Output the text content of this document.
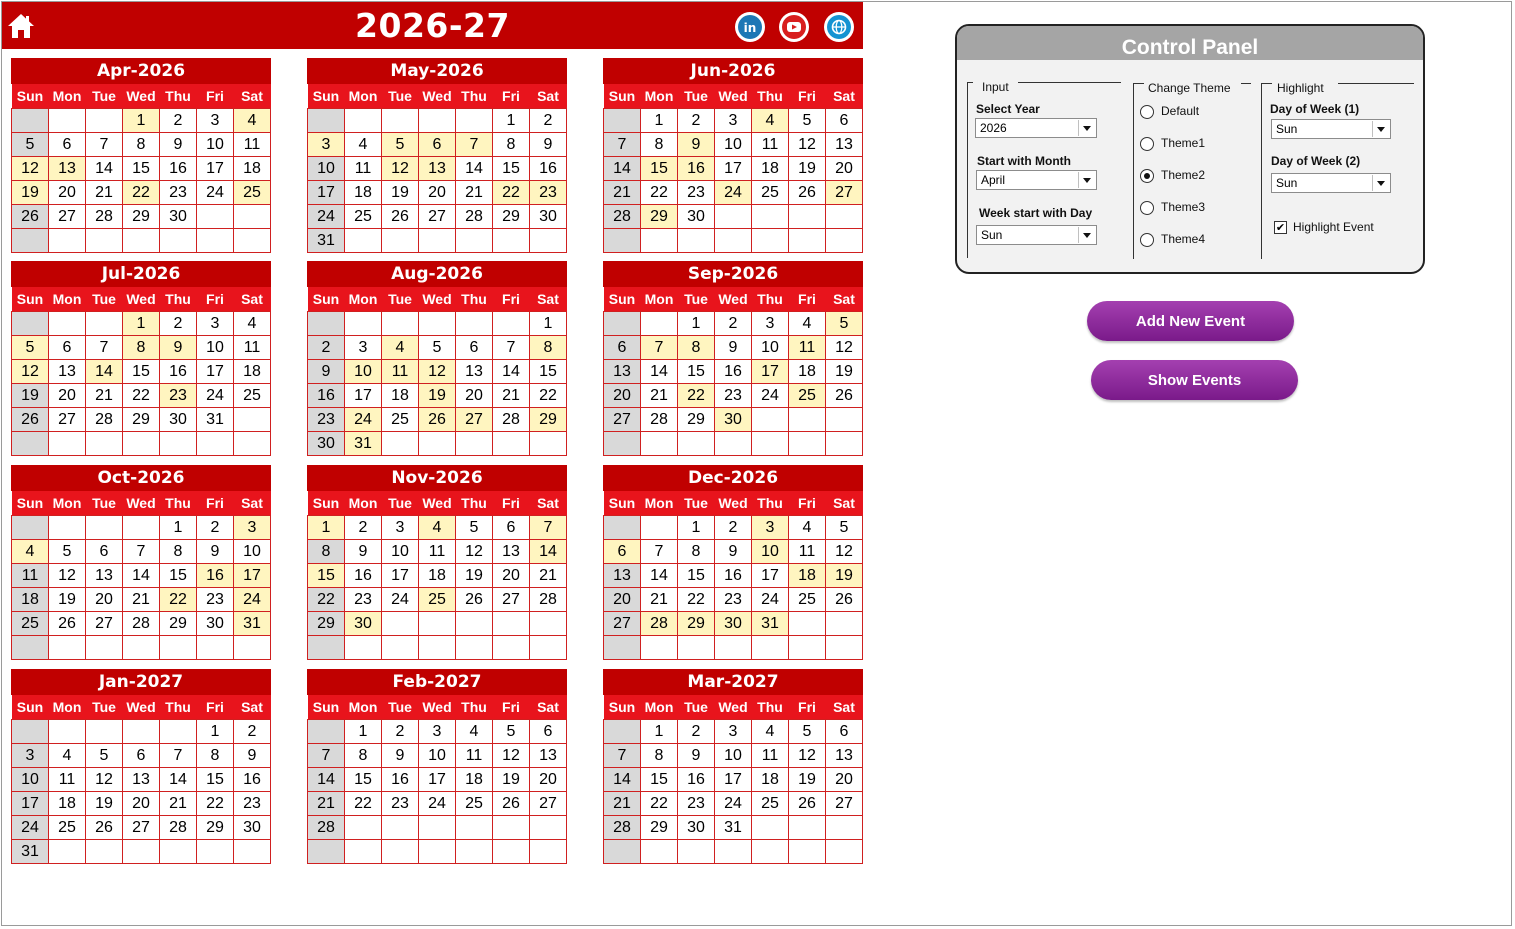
2026-27	in
Apr-2026
Sun	Mon	Tue	Wed	Thu	Fri	Sat
			1	2	3	4
5	6	7	8	9	10	11
12	13	14	15	16	17	18
19	20	21	22	23	24	25
26	27	28	29	30		

May-2026
Sun	Mon	Tue	Wed	Thu	Fri	Sat
					1	2
3	4	5	6	7	8	9
10	11	12	13	14	15	16
17	18	19	20	21	22	23
24	25	26	27	28	29	30
31						
Jun-2026
Sun	Mon	Tue	Wed	Thu	Fri	Sat
	1	2	3	4	5	6
7	8	9	10	11	12	13
14	15	16	17	18	19	20
21	22	23	24	25	26	27
28	29	30				

Jul-2026
Sun	Mon	Tue	Wed	Thu	Fri	Sat
			1	2	3	4
5	6	7	8	9	10	11
12	13	14	15	16	17	18
19	20	21	22	23	24	25
26	27	28	29	30	31	

Aug-2026
Sun	Mon	Tue	Wed	Thu	Fri	Sat
						1
2	3	4	5	6	7	8
9	10	11	12	13	14	15
16	17	18	19	20	21	22
23	24	25	26	27	28	29
30	31					
Sep-2026
Sun	Mon	Tue	Wed	Thu	Fri	Sat
		1	2	3	4	5
6	7	8	9	10	11	12
13	14	15	16	17	18	19
20	21	22	23	24	25	26
27	28	29	30			

Oct-2026
Sun	Mon	Tue	Wed	Thu	Fri	Sat
				1	2	3
4	5	6	7	8	9	10
11	12	13	14	15	16	17
18	19	20	21	22	23	24
25	26	27	28	29	30	31

Nov-2026
Sun	Mon	Tue	Wed	Thu	Fri	Sat
1	2	3	4	5	6	7
8	9	10	11	12	13	14
15	16	17	18	19	20	21
22	23	24	25	26	27	28
29	30					

Dec-2026
Sun	Mon	Tue	Wed	Thu	Fri	Sat
		1	2	3	4	5
6	7	8	9	10	11	12
13	14	15	16	17	18	19
20	21	22	23	24	25	26
27	28	29	30	31		

Jan-2027
Sun	Mon	Tue	Wed	Thu	Fri	Sat
					1	2
3	4	5	6	7	8	9
10	11	12	13	14	15	16
17	18	19	20	21	22	23
24	25	26	27	28	29	30
31						
Feb-2027
Sun	Mon	Tue	Wed	Thu	Fri	Sat
	1	2	3	4	5	6
7	8	9	10	11	12	13
14	15	16	17	18	19	20
21	22	23	24	25	26	27
28						

Mar-2027
Sun	Mon	Tue	Wed	Thu	Fri	Sat
	1	2	3	4	5	6
7	8	9	10	11	12	13
14	15	16	17	18	19	20
21	22	23	24	25	26	27
28	29	30	31			

Control Panel
Input
Select Year
2026
Start with Month
April
Week start with Day
Sun
Change Theme	Highlight
Day of Week (1)
Sun
Day of Week (2)
Sun
✔ Highlight Event
Default
Theme1
Theme2
Theme3
Theme4
Add New Event
Show Events
